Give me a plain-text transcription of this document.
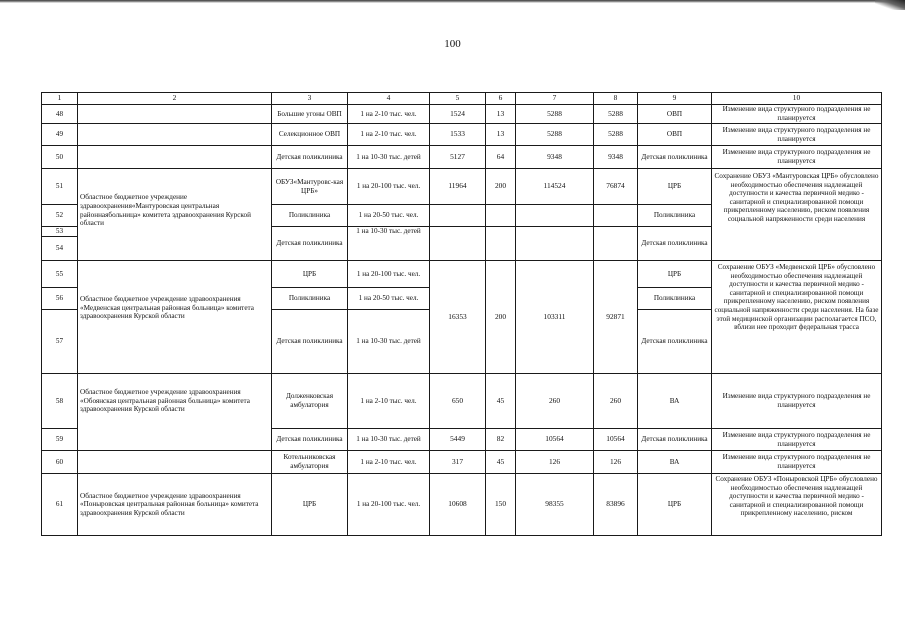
100
1	2	3	4	5	6	7	8	9	10
48		Большие угоны ОВП	1 на 2-10 тыс. чел.	1524	13	5288	5288	ОВП	Изменение вида структурного подразделения не планируется
49		Селекционное ОВП	1 на 2-10 тыс. чел.	1533	13	5288	5288	ОВП	Изменение вида структурного подразделения не планируется
50		Детская поликлиника	1 на 10-30 тыс. детей	5127	64	9348	9348	Детская поликлиника	Изменение вида структурного подразделения не планируется
51	Областное бюджетное учреждение здравоохранения«Мантуровская центральная районнаябольница» комитета здравоохранения Курской области	ОБУЗ«Мантуровс-кая ЦРБ»	1 на 20-100 тыс. чел.	11964	200	114524	76874	ЦРБ	Сохранение ОБУЗ «Мантуровская ЦРБ» обусловлено необходимостью обеспечения надлежащей доступности и качества первичной медико - санитарной и специализированной помощи прикрепленному населению, риском появления социальной напряженности среди населения
52		Поликлиника	1 на 20-50 тыс. чел.					Поликлиника	
53		Детская поликлиника	1 на 10-30 тыс. детей					Детская поликлиника	
54									
55	Областное бюджетное учреждение здравоохранения «Медвенская центральная районная больница» комитета здравоохранения Курской области	ЦРБ	1 на 20-100 тыс. чел.	16353	200	103311	92871	ЦРБ	Сохранение ОБУЗ «Медвенской ЦРБ» обусловлено необходимостью обеспечения надлежащей доступности и качества первичной медико - санитарной и специализированной помощи прикрепленному населению, риском появления социальной напряженности среди населения. На базе этой медицинской организации располагается ПСО, вблизи нее проходит федеральная трасса
56		Поликлиника	1 на 20-50 тыс. чел.					Поликлиника	
57		Детская поликлиника	1 на 10-30 тыс. детей					Детская поликлиника	
58	Областное бюджетное учреждение здравоохранения «Обоянская центральная районная больница» комитета здравоохранения Курской области	Долженковская амбулатория	1 на 2-10 тыс. чел.	650	45	260	260	ВА	Изменение вида структурного подразделения не планируется
59		Детская поликлиника	1 на 10-30 тыс. детей	5449	82	10564	10564	Детская поликлиника	Изменение вида структурного подразделения не планируется
60		Котельниковская амбулатория	1 на 2-10 тыс. чел.	317	45	126	126	ВА	Изменение вида структурного подразделения не планируется
61	Областное бюджетное учреждение здравоохранения «Поныровская центральная районная больница» комитета здравоохранения Курской области	ЦРБ	1 на 20-100 тыс. чел.	10608	150	98355	83896	ЦРБ	Сохранение ОБУЗ «Поныровской ЦРБ» обусловлено необходимостью обеспечения надлежащей доступности и качества первичной медико - санитарной и специализированной помощи прикрепленному населению, риском
